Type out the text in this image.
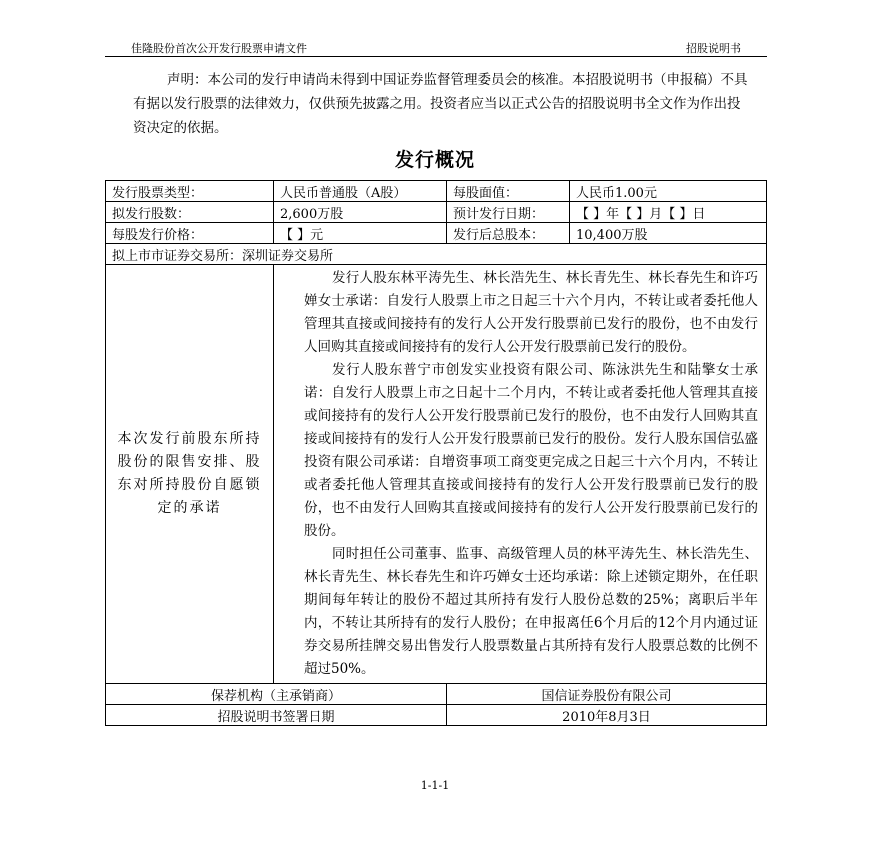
佳隆股份首次公开发行股票申请文件	招股说明书

声明：本公司的发行申请尚未得到中国证券监督管理委员会的核准。本招股说明书（申报稿）不具有据以发行股票的法律效力，仅供预先披露之用。投资者应当以正式公告的招股说明书全文作为作出投资决定的依据。

发行概况
发行股票类型：	人民币普通股（A股）	每股面值：	人民币1.00元
拟发行股数：	2,600万股	预计发行日期：	【 】年【 】月【 】日
每股发行价格：	【 】元	发行后总股本：	10,400万股
拟上市市证券交易所：深圳证券交易所			
本次发行前股东所持股份的限售安排、股东对所持股份自愿锁定的承诺	发行人股东林平涛先生、林长浩先生、林长青先生、林长春先生和许巧婵女士承诺：自发行人股票上市之日起三十六个月内，不转让或者委托他人管理其直接或间接持有的发行人公开发行股票前已发行的股份，也不由发行人回购其直接或间接持有的发行人公开发行股票前已发行的股份。

发行人股东普宁市创发实业投资有限公司、陈泳洪先生和陆擎女士承诺：自发行人股票上市之日起十二个月内，不转让或者委托他人管理其直接或间接持有的发行人公开发行股票前已发行的股份，也不由发行人回购其直接或间接持有的发行人公开发行股票前已发行的股份。发行人股东国信弘盛投资有限公司承诺：自增资事项工商变更完成之日起三十六个月内，不转让或者委托他人管理其直接或间接持有的发行人公开发行股票前已发行的股份，也不由发行人回购其直接或间接持有的发行人公开发行股票前已发行的股份。

同时担任公司董事、监事、高级管理人员的林平涛先生、林长浩先生、林长青先生、林长春先生和许巧婵女士还均承诺：除上述锁定期外，在任职期间每年转让的股份不超过其所持有发行人股份总数的25%；离职后半年内，不转让其所持有的发行人股份；在申报离任6个月后的12个月内通过证券交易所挂牌交易出售发行人股票数量占其所持有发行人股票总数的比例不超过50%。		

保荐机构（主承销商）		国信证券股份有限公司	
招股说明书签署日期		2010年8月3日	
1-1-1
